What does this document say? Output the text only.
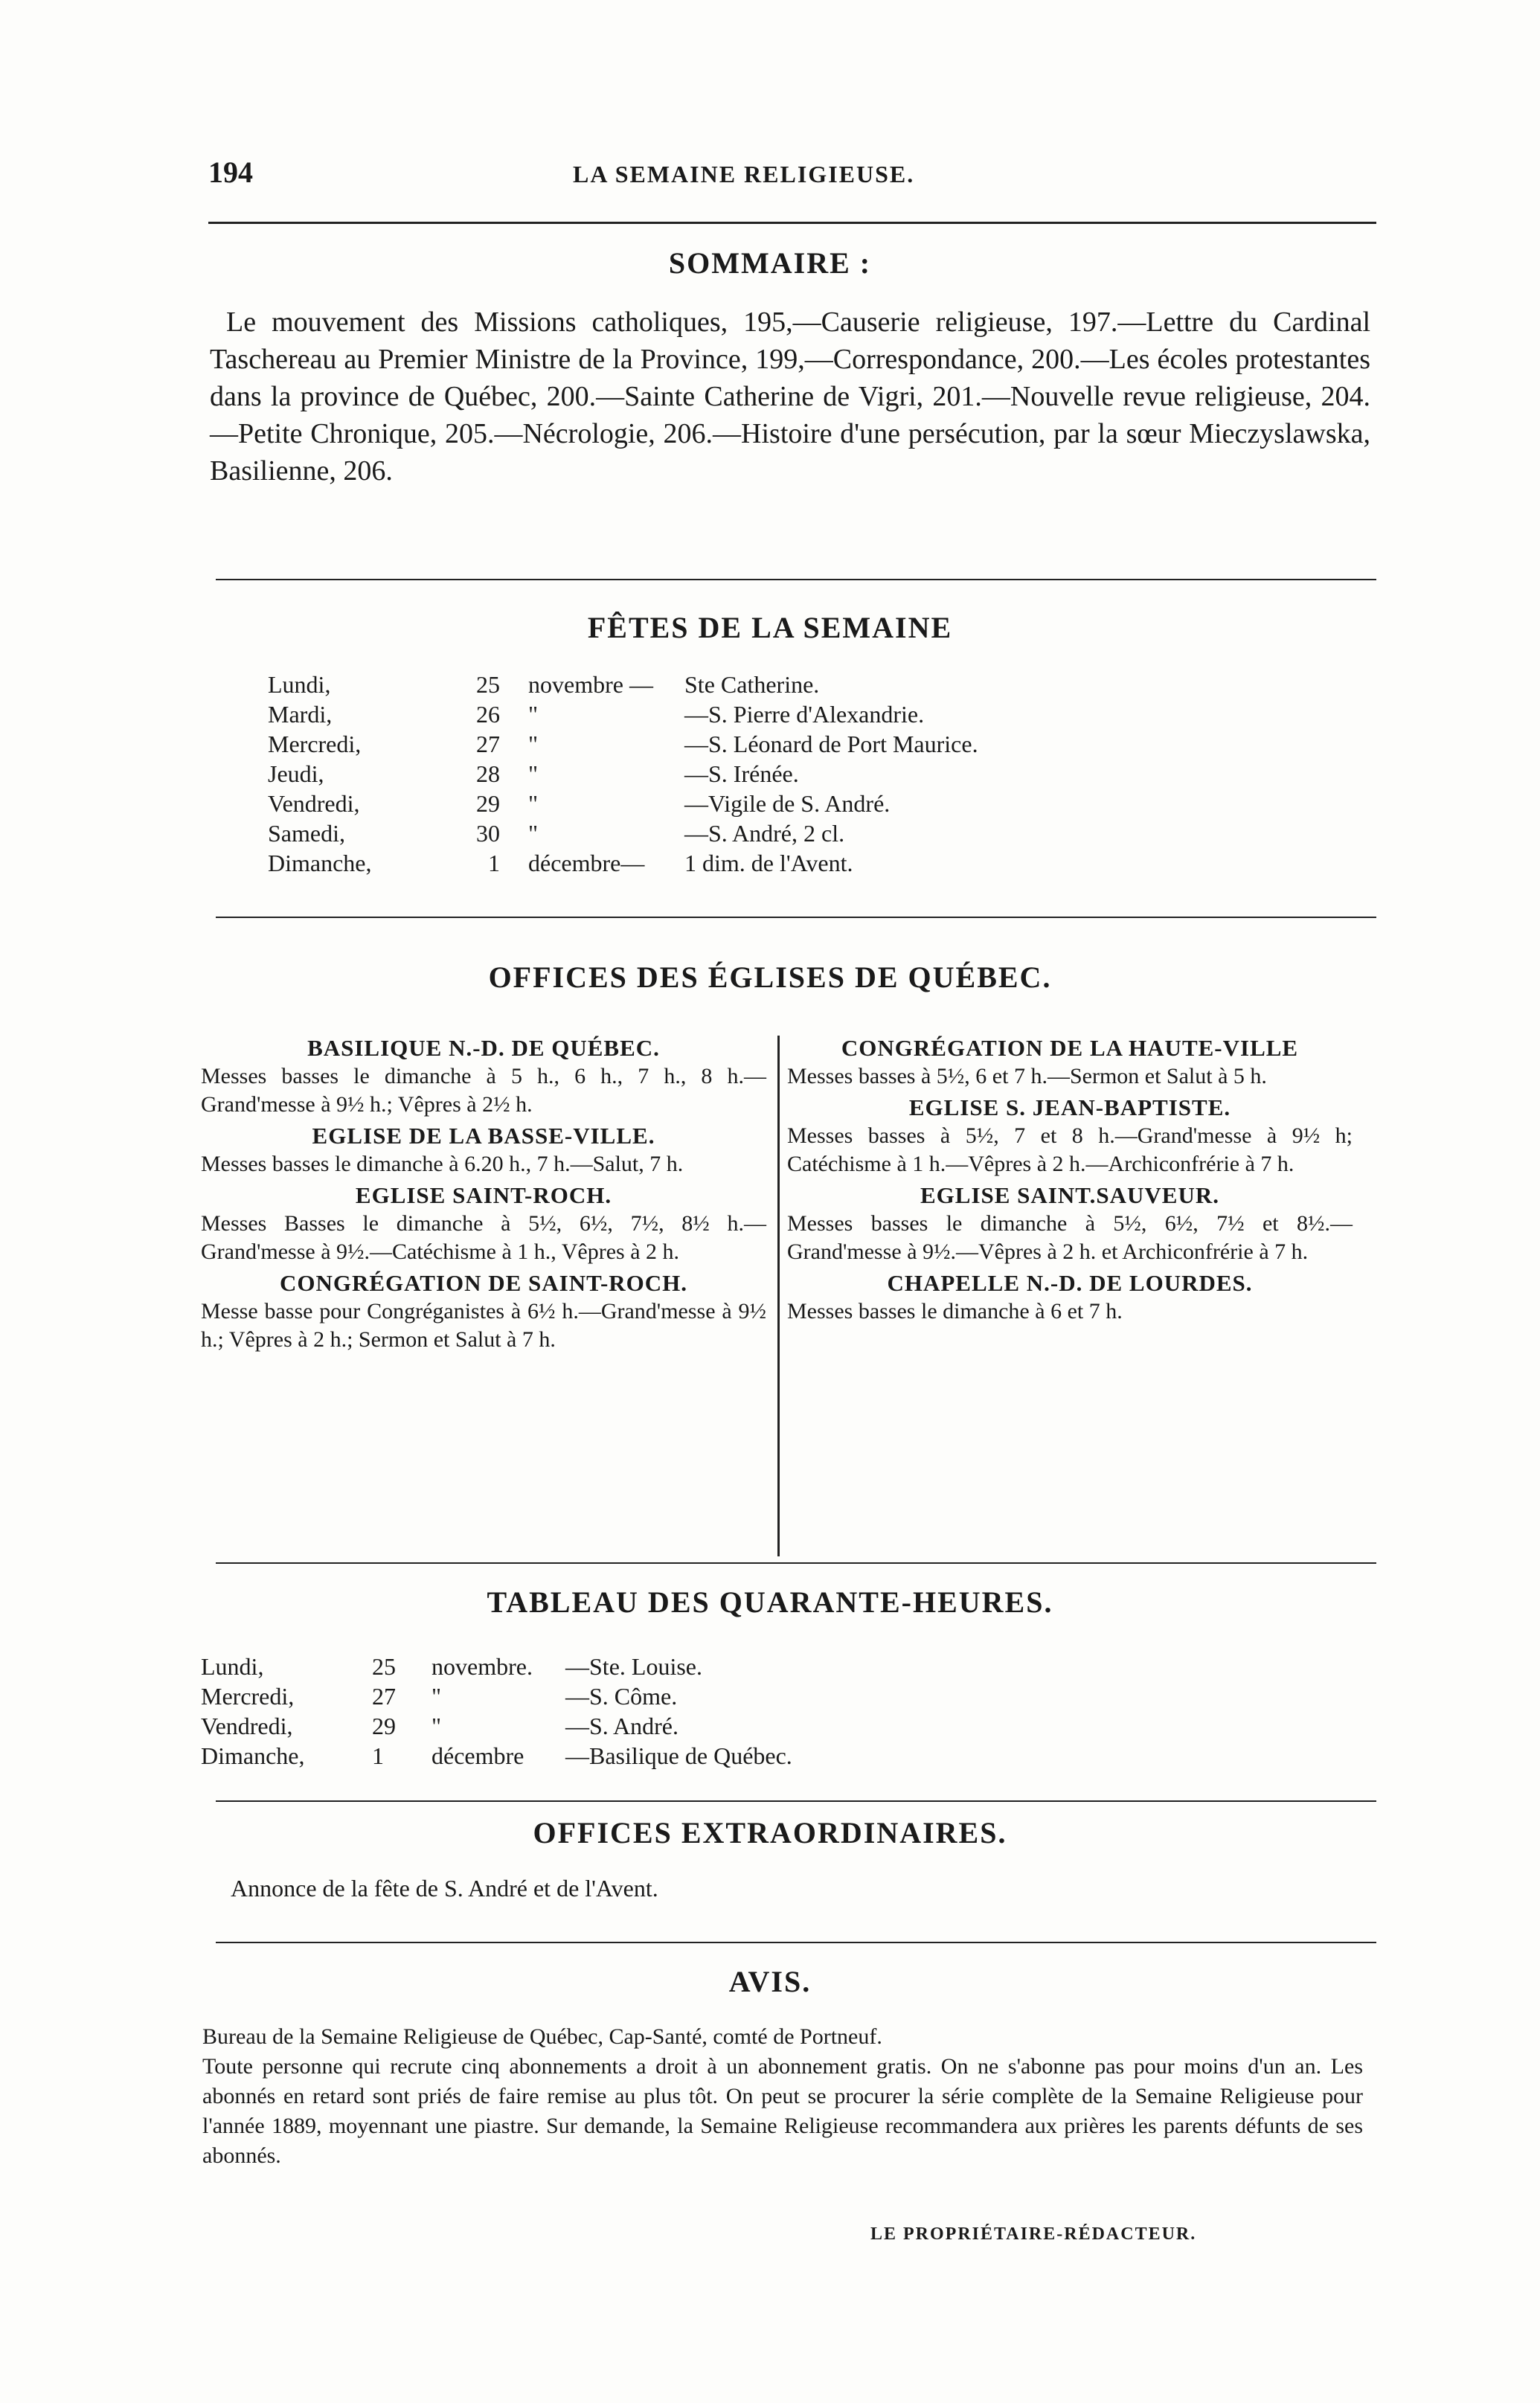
194	LA SEMAINE RELIGIEUSE.
SOMMAIRE :
Le mouvement des Missions catholiques, 195,—Causerie religieuse, 197.—Lettre du Cardinal Taschereau au Premier Ministre de la Province, 199,—Correspondance, 200.—Les écoles protestantes dans la province de Québec, 200.—Sainte Catherine de Vigri, 201.—Nouvelle revue religieuse, 204.—Petite Chronique, 205.—Nécrologie, 206.—Histoire d'une persécution, par la sœur Mieczyslawska, Basilienne, 206.
FÊTES DE LA SEMAINE
Lundi,	25 novembre — Ste Catherine.
Mardi,	26 "	—S. Pierre d'Alexandrie.
Mercredi,	27 "	—S. Léonard de Port Maurice.
Jeudi,	28 "	—S. Irénée.
Vendredi,	29 "	—Vigile de S. André.
Samedi,	30 "	—S. André, 2 cl.
Dimanche,	1 décembre— 1 dim. de l'Avent.
OFFICES DES ÉGLISES DE QUÉBEC.

BASILIQUE N.-D. DE QUÉBEC.

Messes basses le dimanche à 5 h., 6 h., 7 h., 8 h.—Grand'messe à 9½ h.; Vêpres à 2½ h.

EGLISE DE LA BASSE-VILLE.

Messes basses le dimanche à 6.20 h., 7 h.—Salut, 7 h.

EGLISE SAINT-ROCH.

Messes Basses le dimanche à 5½, 6½, 7½, 8½ h.—Grand'messe à 9½.—Catéchisme à 1 h., Vêpres à 2 h.

CONGRÉGATION DE SAINT-ROCH.

Messe basse pour Congréganistes à 6½ h.—Grand'messe à 9½ h.; Vêpres à 2 h.; Sermon et Salut à 7 h.

CONGRÉGATION DE LA HAUTE-VILLE

Messes basses à 5½, 6 et 7 h.—Sermon et Salut à 5 h.

EGLISE S. JEAN-BAPTISTE.

Messes basses à 5½, 7 et 8 h.—Grand'messe à 9½ h; Catéchisme à 1 h.—Vêpres à 2 h.—Archiconfrérie à 7 h.

EGLISE SAINT.SAUVEUR.

Messes basses le dimanche à 5½, 6½, 7½ et 8½.—Grand'messe à 9½.—Vêpres à 2 h. et Archiconfrérie à 7 h.

CHAPELLE N.-D. DE LOURDES.

Messes basses le dimanche à 6 et 7 h.

TABLEAU DES QUARANTE-HEURES.
Lundi,	25 novembre. —Ste. Louise.
Mercredi,	27 "	—S. Côme.
Vendredi,	29 "	—S. André.
Dimanche,	1 décembre —Basilique de Québec.
OFFICES EXTRAORDINAIRES.
Annonce de la fête de S. André et de l'Avent.
AVIS.

Bureau de la Semaine Religieuse de Québec, Cap-Santé, comté de Portneuf.

Toute personne qui recrute cinq abonnements a droit à un abonnement gratis. On ne s'abonne pas pour moins d'un an. Les abonnés en retard sont priés de faire remise au plus tôt. On peut se procurer la série complète de la Semaine Religieuse pour l'année 1889, moyennant une piastre. Sur demande, la Semaine Religieuse recommandera aux prières les parents défunts de ses abonnés.

LE PROPRIÉTAIRE-RÉDACTEUR.
